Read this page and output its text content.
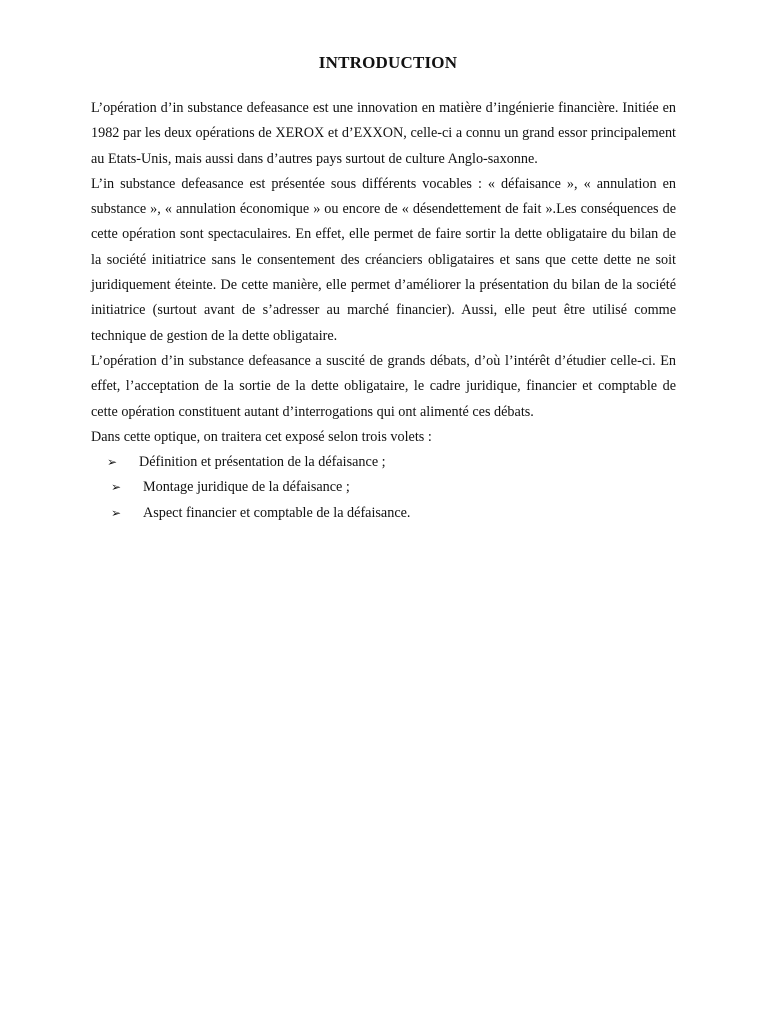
INTRODUCTION

L’opération d’in substance defeasance est une innovation en matière d’ingénierie financière. Initiée en 1982 par les deux opérations de XEROX et d’EXXON, celle-ci a connu un grand essor principalement au Etats-Unis, mais aussi dans d’autres pays surtout de culture Anglo-saxonne.

L’in substance defeasance est présentée sous différents vocables : « défaisance », « annulation en substance », « annulation économique » ou encore de « désendettement de fait ».Les conséquences de cette opération sont spectaculaires. En effet, elle permet de faire sortir la dette obligataire du bilan de la société initiatrice sans le consentement des créanciers obligataires et sans que cette dette ne soit juridiquement éteinte. De cette manière, elle permet d’améliorer la présentation du bilan de la société initiatrice (surtout avant de s’adresser au marché financier). Aussi, elle peut être utilisé comme technique de gestion de la dette obligataire.

L’opération d’in substance defeasance a suscité de grands débats, d’où l’intérêt d’étudier celle-ci. En effet, l’acceptation de la sortie de la dette obligataire, le cadre juridique, financier et comptable de cette opération constituent autant d’interrogations qui ont alimenté ces débats.

Dans cette optique, on traitera cet exposé selon trois volets :

➢ Définition et présentation de la défaisance ;
➢ Montage juridique de la défaisance ;
➢ Aspect financier et comptable de la défaisance.
